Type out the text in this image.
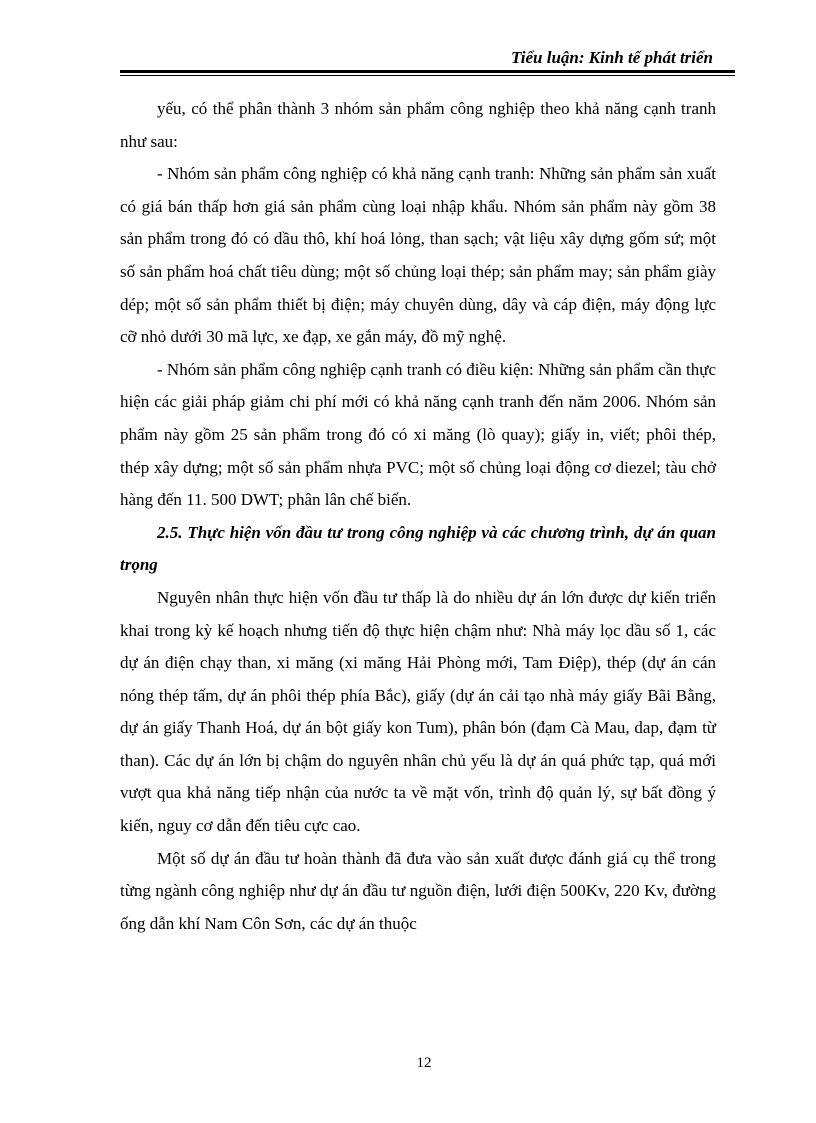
Tiểu luận: Kinh tế phát triển

yếu, có thể phân thành 3 nhóm sản phẩm công nghiệp theo khả năng cạnh tranh như sau:

- Nhóm sản phẩm công nghiệp có khả năng cạnh tranh: Những sản phẩm sản xuất có giá bán thấp hơn giá sản phẩm cùng loại nhập khẩu. Nhóm sản phẩm này gồm 38 sản phẩm trong đó có dầu thô, khí hoá lỏng, than sạch; vật liệu xây dựng gốm sứ; một số sản phẩm hoá chất tiêu dùng; một số chủng loại thép; sản phẩm may; sản phẩm giày dép; một số sản phẩm thiết bị điện; máy chuyên dùng, dây và cáp điện, máy động lực cỡ nhỏ dưới 30 mã lực, xe đạp, xe gắn máy, đồ mỹ nghệ.

- Nhóm sản phẩm công nghiệp cạnh tranh có điều kiện: Những sản phẩm cần thực hiện các giải pháp giảm chi phí mới có khả năng cạnh tranh đến năm 2006. Nhóm sản phẩm này gồm 25 sản phẩm trong đó có xi măng (lò quay); giấy in, viết; phôi thép, thép xây dựng; một số sản phẩm nhựa PVC; một số chủng loại động cơ diezel; tàu chở hàng đến 11. 500 DWT; phân lân chế biến.

2.5. Thực hiện vốn đầu tư trong công nghiệp và các chương trình, dự án quan trọng

Nguyên nhân thực hiện vốn đầu tư thấp là do nhiều dự án lớn được dự kiến triển khai trong kỳ kế hoạch nhưng tiến độ thực hiện chậm như: Nhà máy lọc dầu số 1, các dự án điện chạy than, xi măng (xi măng Hải Phòng mới, Tam Điệp), thép (dự án cán nóng thép tấm, dự án phôi thép phía Bắc), giấy (dự án cải tạo nhà máy giấy Bãi Bằng, dự án giấy Thanh Hoá, dự án bột giấy kon Tum), phân bón (đạm Cà Mau, dap, đạm từ than). Các dự án lớn bị chậm do nguyên nhân chủ yếu là dự án quá phức tạp, quá mới vượt qua khả năng tiếp nhận của nước ta về mặt vốn, trình độ quản lý, sự bất đồng ý kiến, nguy cơ dẫn đến tiêu cực cao.

Một số dự án đầu tư hoàn thành đã đưa vào sản xuất được đánh giá cụ thể trong từng ngành công nghiệp như dự án đầu tư nguồn điện, lưới điện 500Kv, 220 Kv, đường ống dẫn khí Nam Côn Sơn, các dự án thuộc

12
